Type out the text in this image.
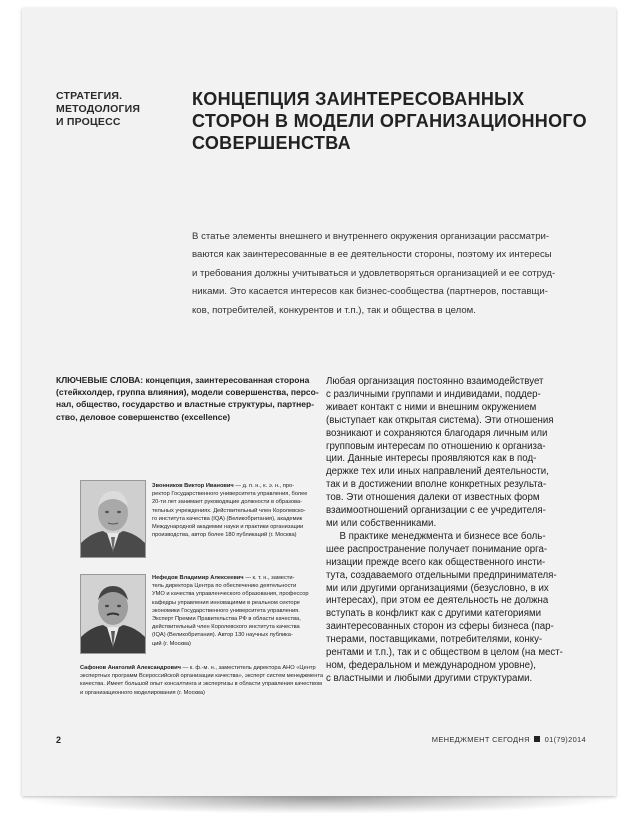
СТРАТЕГИЯ.
МЕТОДОЛОГИЯ
И ПРОЦЕСС
КОНЦЕПЦИЯ ЗАИНТЕРЕСОВАННЫХ
СТОРОН В МОДЕЛИ ОРГАНИЗАЦИОННОГО
СОВЕРШЕНСТВА
В статье элементы внешнего и внутреннего окружения организации рассматри-
ваются как заинтересованные в ее деятельности стороны, поэтому их интересы
и требования должны учитываться и удовлетворяться организацией и ее сотруд-
никами. Это касается интересов как бизнес-сообщества (партнеров, поставщи-
ков, потребителей, конкурентов и т.п.), так и общества в целом.
КЛЮЧЕВЫЕ СЛОВА: концепция, заинтересованная сторона
(стейкхолдер, группа влияния), модели совершенства, персо-
нал, общество, государство и властные структуры, партнер-
ство, деловое совершенство (excellence)
Звонников Виктор Иванович — д. п. н., к. э. н., про-
ректор Государственного университета управления, более
20-ти лет занимает руководящие должности в образова-
тельных учреждениях. Действительный член Королевско-
го института качества (IQA) (Великобритания), академик
Международной академии науки и практики организации
производства, автор более 180 публикаций (г. Москва)
Нефедов Владимир Алексеевич — к. т. н., замести-
тель директора Центра по обеспечению деятельности
УМО и качества управленческого образования, профессор
кафедры управления инновациями в реальном секторе
экономики Государственного университета управления.
Эксперт Премии Правительства РФ в области качества,
действительный член Королевского института качества
(IQA) (Великобритания). Автор 130 научных публика-
ций (г. Москва)
Сафонов Анатолий Александрович — к. ф.-м. н., заместитель директора АНО «Центр
экспертных программ Всероссийской организации качества», эксперт систем менеджмента
качества. Имеет большой опыт консалтинга и экспертизы в области управления качеством
и организационного моделирования (г. Москва)
Любая организация постоянно взаимодействует
с различными группами и индивидами, поддер-
живает контакт с ними и внешним окружением
(выступает как открытая система). Эти отношения
возникают и сохраняются благодаря личным или
групповым интересам по отношению к организа-
ции. Данные интересы проявляются как в под-
держке тех или иных направлений деятельности,
так и в достижении вполне конкретных результа-
тов. Эти отношения далеки от известных форм
взаимоотношений организации с ее учредителя-
ми или собственниками.
В практике менеджмента и бизнесе все боль-
шее распространение получает понимание орга-
низации прежде всего как общественного инсти-
тута, создаваемого отдельными предпринимателя-
ми или другими организациями (безусловно, в их
интересах), при этом ее деятельность не должна
вступать в конфликт как с другими категориями
заинтересованных сторон из сферы бизнеса (пар-
тнерами, поставщиками, потребителями, конку-
рентами и т.п.), так и с обществом в целом (на мест-
ном, федеральном и международном уровне),
с властными и любыми другими структурами.
2	МЕНЕДЖМЕНТ СЕГОДНЯ 01(79)2014
